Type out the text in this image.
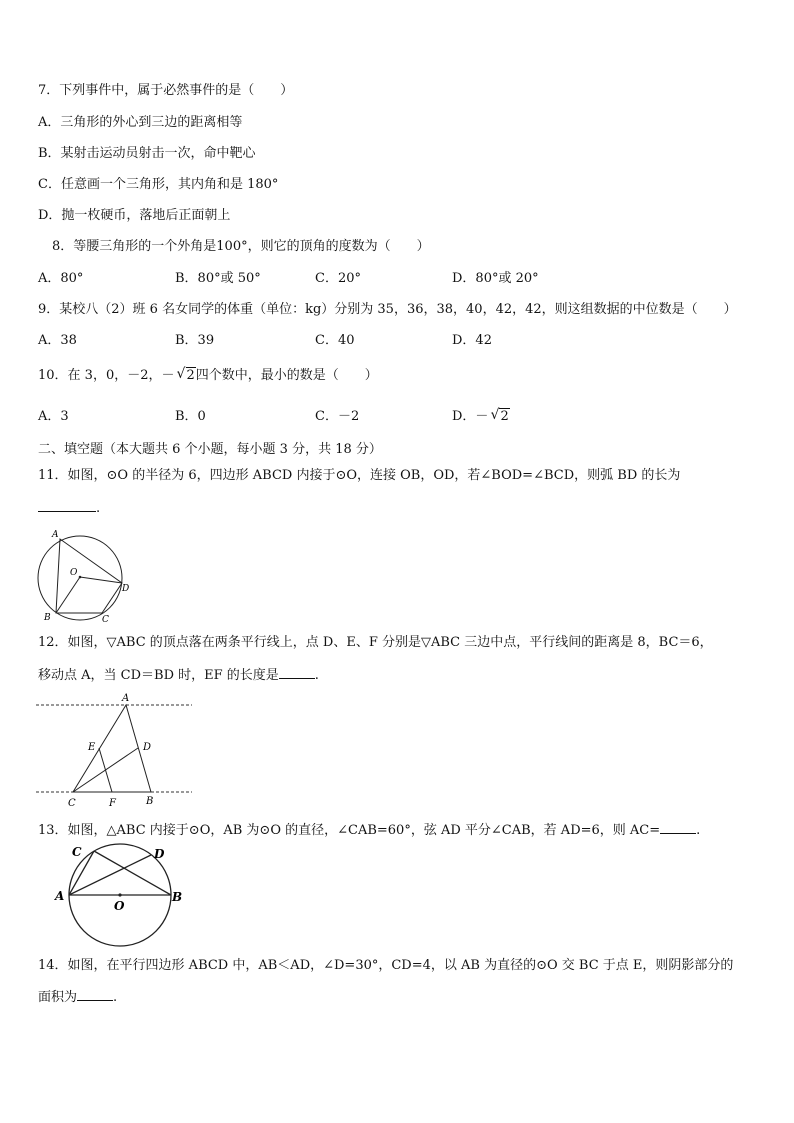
7．下列事件中，属于必然事件的是（　　）
A．三角形的外心到三边的距离相等
B．某射击运动员射击一次，命中靶心
C．任意画一个三角形，其内角和是 180°
D．抛一枚硬币，落地后正面朝上
8．等腰三角形的一个外角是100°，则它的顶角的度数为（　　）
A．80°	B．80°或 50°	C．20°	D．80°或 20°
9．某校八（2）班 6 名女同学的体重（单位：kg）分别为 35，36，38，40，42，42，则这组数据的中位数是（　　）
A．38	B．39	C．40	D．42
10．在 3，0，－2，－ √ 2四个数中，最小的数是（　　）
A．3	B．0	C．－2	D．－ √ 2
二、填空题（本大题共 6 个小题，每小题 3 分，共 18 分）
11．如图，⊙O 的半径为 6，四边形 ABCD 内接于⊙O，连接 OB，OD，若∠BOD=∠BCD，则弧 BD 的长为
.
A
O
D
B	C
12．如图，▽ABC 的顶点落在两条平行线上，点 D、E、F 分别是▽ABC 三边中点，平行线间的距离是 8，BC＝6，
移动点 A，当 CD＝BD 时，EF 的长度是	.
A
E	D
C	F	B
13．如图，△ABC 内接于⊙O，AB 为⊙O 的直径，∠CAB=60°，弦 AD 平分∠CAB，若 AD=6，则 AC=	.
C	D
A	B
O
14．如图，在平行四边形 ABCD 中，AB＜AD，∠D=30°，CD=4，以 AB 为直径的⊙O 交 BC 于点 E，则阴影部分的
面积为	.
